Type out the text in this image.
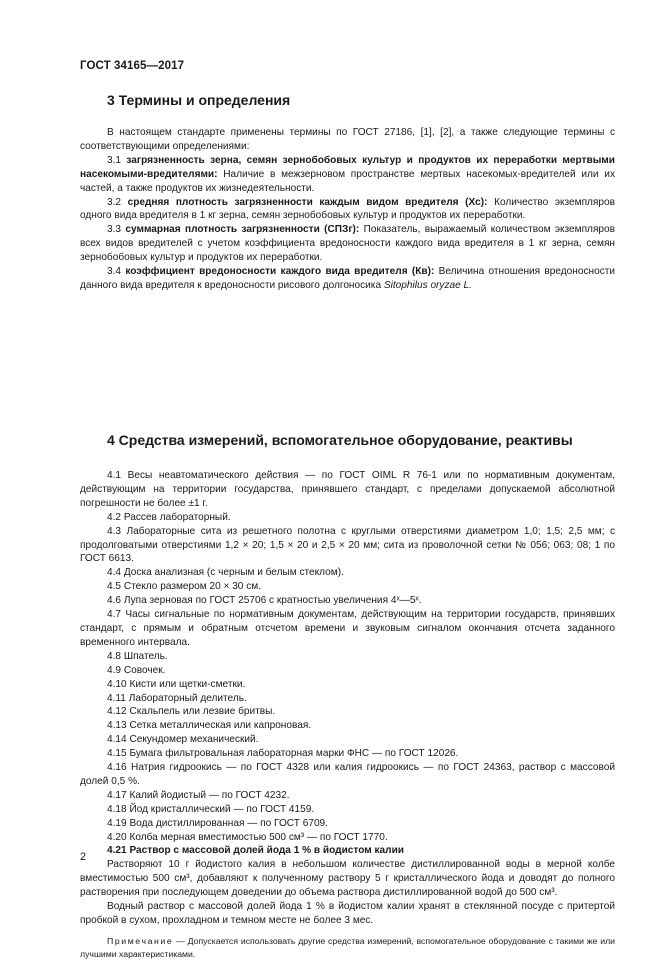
ГОСТ 34165—2017
3 Термины и определения

В настоящем стандарте применены термины по ГОСТ 27186, [1], [2], а также следующие термины с соответствующими определениями:

3.1 загрязненность зерна, семян зернобобовых культур и продуктов их переработки мертвыми насекомыми-вредителями: Наличие в межзерновом пространстве мертвых насекомых-вредителей или их частей, а также продуктов их жизнедеятельности.

3.2 средняя плотность загрязненности каждым видом вредителя (Xc): Количество экземпляров одного вида вредителя в 1 кг зерна, семян зернобобовых культур и продуктов их переработки.

3.3 суммарная плотность загрязненности (СПЗг): Показатель, выражаемый количеством экземпляров всех видов вредителей с учетом коэффициента вредоносности каждого вида вредителя в 1 кг зерна, семян зернобобовых культур и продуктов их переработки.

3.4 коэффициент вредоносности каждого вида вредителя (Кв): Величина отношения вредоносности данного вида вредителя к вредоносности рисового долгоносика Sitophilus oryzae L.

4 Средства измерений, вспомогательное оборудование, реактивы

4.1 Весы неавтоматического действия — по ГОСТ OIML R 76-1 или по нормативным документам, действующим на территории государства, принявшего стандарт, с пределами допускаемой абсолютной погрешности не более ±1 г.

4.2 Рассев лабораторный.

4.3 Лабораторные сита из решетного полотна с круглыми отверстиями диаметром 1,0; 1,5; 2,5 мм; с продолговатыми отверстиями 1,2 × 20; 1,5 × 20 и 2,5 × 20 мм; сита из проволочной сетки № 056; 063; 08; 1 по ГОСТ 6613.

4.4 Доска анализная (с черным и белым стеклом).

4.5 Стекло размером 20 × 30 см.

4.6 Лупа зерновая по ГОСТ 25706 с кратностью увеличения 4ˣ—5ˣ.

4.7 Часы сигнальные по нормативным документам, действующим на территории государств, принявших стандарт, с прямым и обратным отсчетом времени и звуковым сигналом окончания отсчета заданного временного интервала.

4.8 Шпатель.

4.9 Совочек.

4.10 Кисти или щетки-сметки.

4.11 Лабораторный делитель.

4.12 Скальпель или лезвие бритвы.

4.13 Сетка металлическая или капроновая.

4.14 Секундомер механический.

4.15 Бумага фильтровальная лабораторная марки ФНС — по ГОСТ 12026.

4.16 Натрия гидроокись — по ГОСТ 4328 или калия гидроокись — по ГОСТ 24363, раствор с массовой долей 0,5 %.

4.17 Калий йодистый — по ГОСТ 4232.

4.18 Йод кристаллический — по ГОСТ 4159.

4.19 Вода дистиллированная — по ГОСТ 6709.

4.20 Колба мерная вместимостью 500 см³ — по ГОСТ 1770.

4.21 Раствор с массовой долей йода 1 % в йодистом калии

Растворяют 10 г йодистого калия в небольшом количестве дистиллированной воды в мерной колбе вместимостью 500 см³, добавляют к полученному раствору 5 г кристаллического йода и доводят до полного растворения при последующем доведении до объема раствора дистиллированной водой до 500 см³.

Водный раствор с массовой долей йода 1 % в йодистом калии хранят в стеклянной посуде с притертой пробкой в сухом, прохладном и темном месте не более 3 мес.

Примечание — Допускается использовать другие средства измерений, вспомогательное оборудование с такими же или лучшими характеристиками.

2
